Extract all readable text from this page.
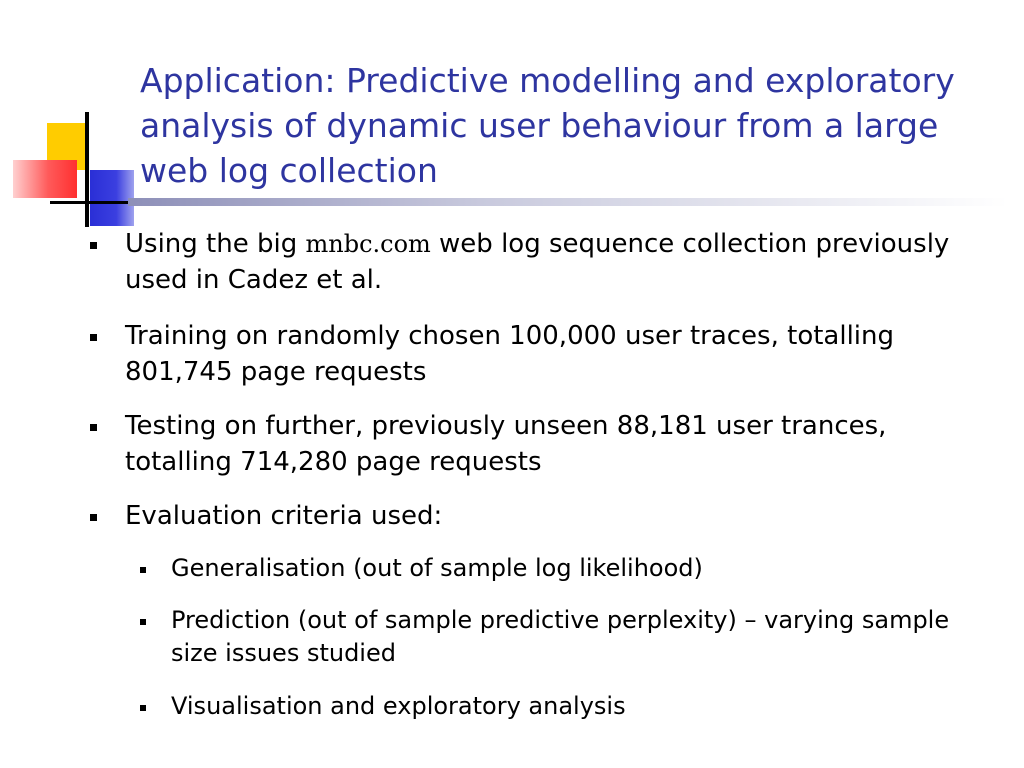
Application: Predictive modelling and exploratory analysis of dynamic user behaviour from a large web log collection
Using the big mnbc.com web log sequence collection previously used in Cadez et al.
Training on randomly chosen 100,000 user traces, totalling 801,745 page requests
Testing on further, previously unseen 88,181 user trances, totalling 714,280 page requests
Evaluation criteria used:
Generalisation (out of sample log likelihood)
Prediction (out of sample predictive perplexity) – varying sample size issues studied
Visualisation and exploratory analysis
